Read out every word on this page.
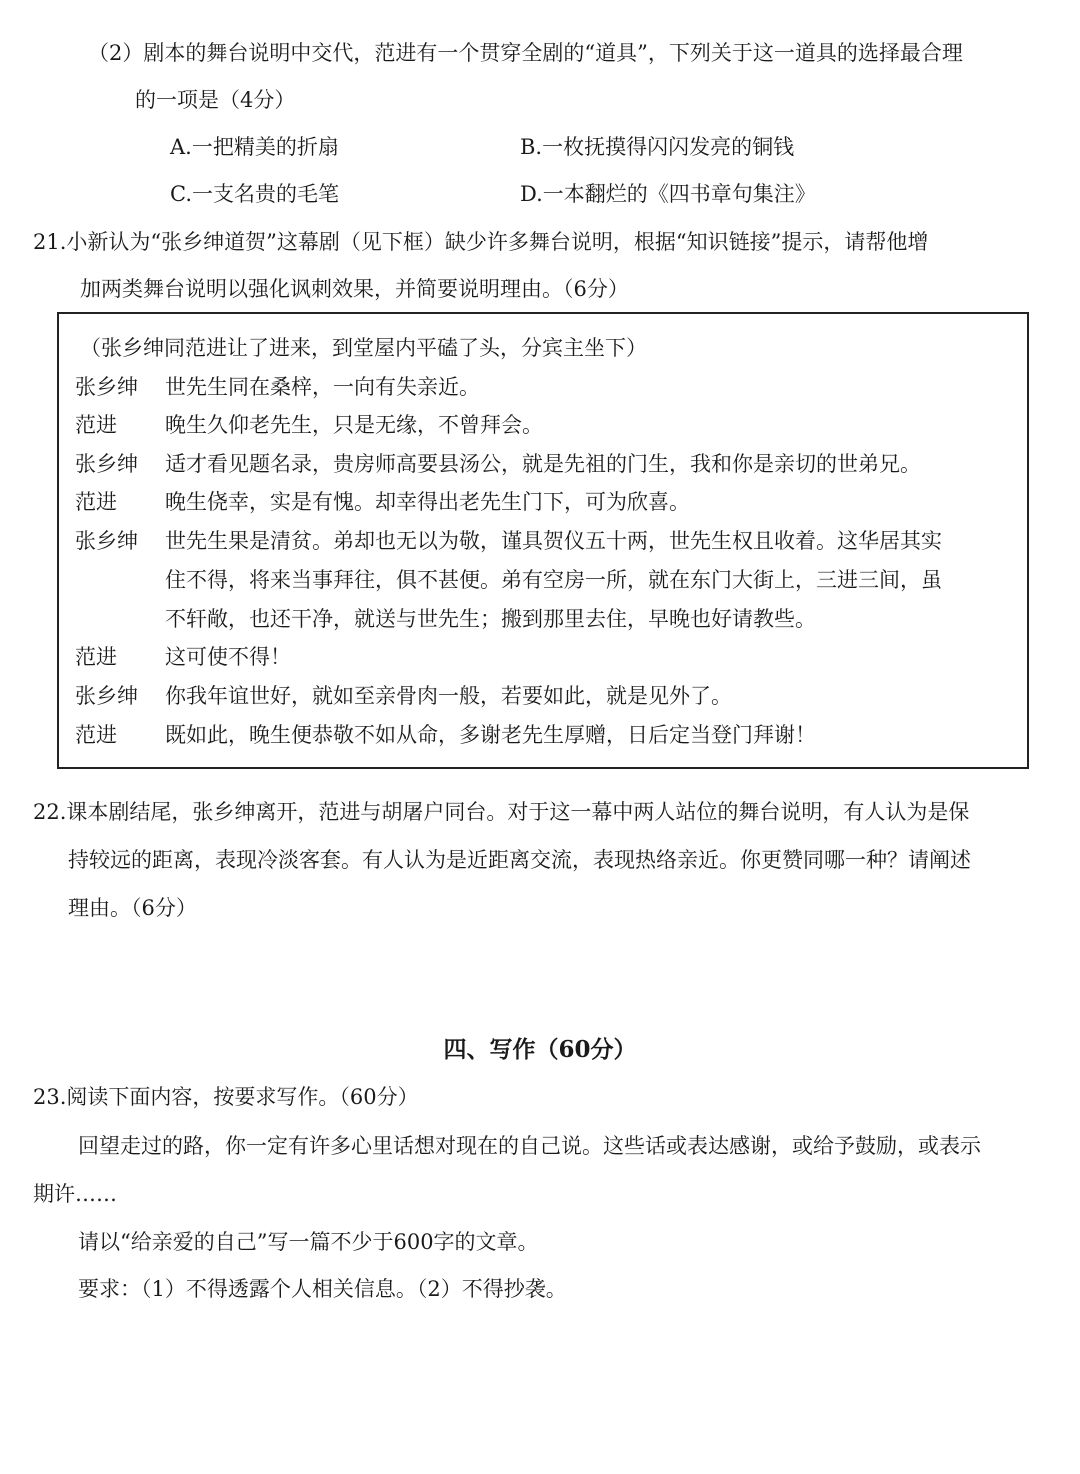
（2）剧本的舞台说明中交代，范进有一个贯穿全剧的“道具”，下列关于这一道具的选择最合理
的一项是（4分）
A.一把精美的折扇	B.一枚抚摸得闪闪发亮的铜钱
C.一支名贵的毛笔	D.一本翻烂的《四书章句集注》
21.小新认为“张乡绅道贺”这幕剧（见下框）缺少许多舞台说明，根据“知识链接”提示，请帮他增
加两类舞台说明以强化讽刺效果，并简要说明理由。（6分）
（张乡绅同范进让了进来，到堂屋内平磕了头，分宾主坐下）
张乡绅 世先生同在桑梓，一向有失亲近。
范进 晚生久仰老先生，只是无缘，不曾拜会。
张乡绅 适才看见题名录，贵房师高要县汤公，就是先祖的门生，我和你是亲切的世弟兄。
范进 晚生侥幸，实是有愧。却幸得出老先生门下，可为欣喜。
张乡绅 世先生果是清贫。弟却也无以为敬，谨具贺仪五十两，世先生权且收着。这华居其实
住不得，将来当事拜往，俱不甚便。弟有空房一所，就在东门大街上，三进三间，虽
不轩敞，也还干净，就送与世先生；搬到那里去住，早晚也好请教些。
范进 这可使不得！
张乡绅 你我年谊世好，就如至亲骨肉一般，若要如此，就是见外了。
范进 既如此，晚生便恭敬不如从命，多谢老先生厚赠，日后定当登门拜谢！
22.课本剧结尾，张乡绅离开，范进与胡屠户同台。对于这一幕中两人站位的舞台说明，有人认为是保
持较远的距离，表现冷淡客套。有人认为是近距离交流，表现热络亲近。你更赞同哪一种？请阐述
理由。（6分）
四、写作（60分）
23.阅读下面内容，按要求写作。（60分）
回望走过的路，你一定有许多心里话想对现在的自己说。这些话或表达感谢，或给予鼓励，或表示
期许……
请以“给亲爱的自己”写一篇不少于600字的文章。
要求：（1）不得透露个人相关信息。（2）不得抄袭。
